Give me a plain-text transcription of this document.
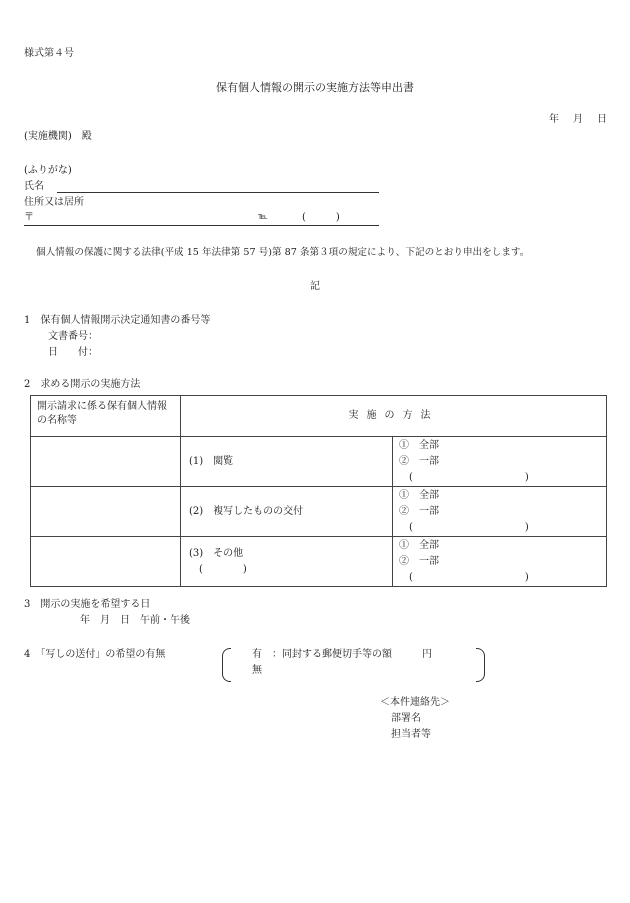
様式第４号
保有個人情報の開示の実施方法等申出書
年　月　日
(実施機関)　殿
(ふりがな)
氏名
住所又は居所
〒	℡	(　　　)
個人情報の保護に関する法律(平成 15 年法律第 57 号)第 87 条第３項の規定により、下記のとおり申出をします。
記
1　保有個人情報開示決定通知書の番号等
文書番号：
日　　付：
2　求める開示の実施方法
開示請求に係る保有個人情報の名称等	実施の方法	
	(1)　閲覧	①　全部
②　一部
( )

	(2)　複写したものの交付	①　全部
②　一部
( )

	(3)　その他
(　　　　)	①　全部
②　一部
( )
3　開示の実施を希望する日
年　月　日　午前・午後
4　「写しの送付」の希望の有無	有　：同封する郵便切手等の額　　　円
無
＜本件連絡先＞
部署名
担当者等
